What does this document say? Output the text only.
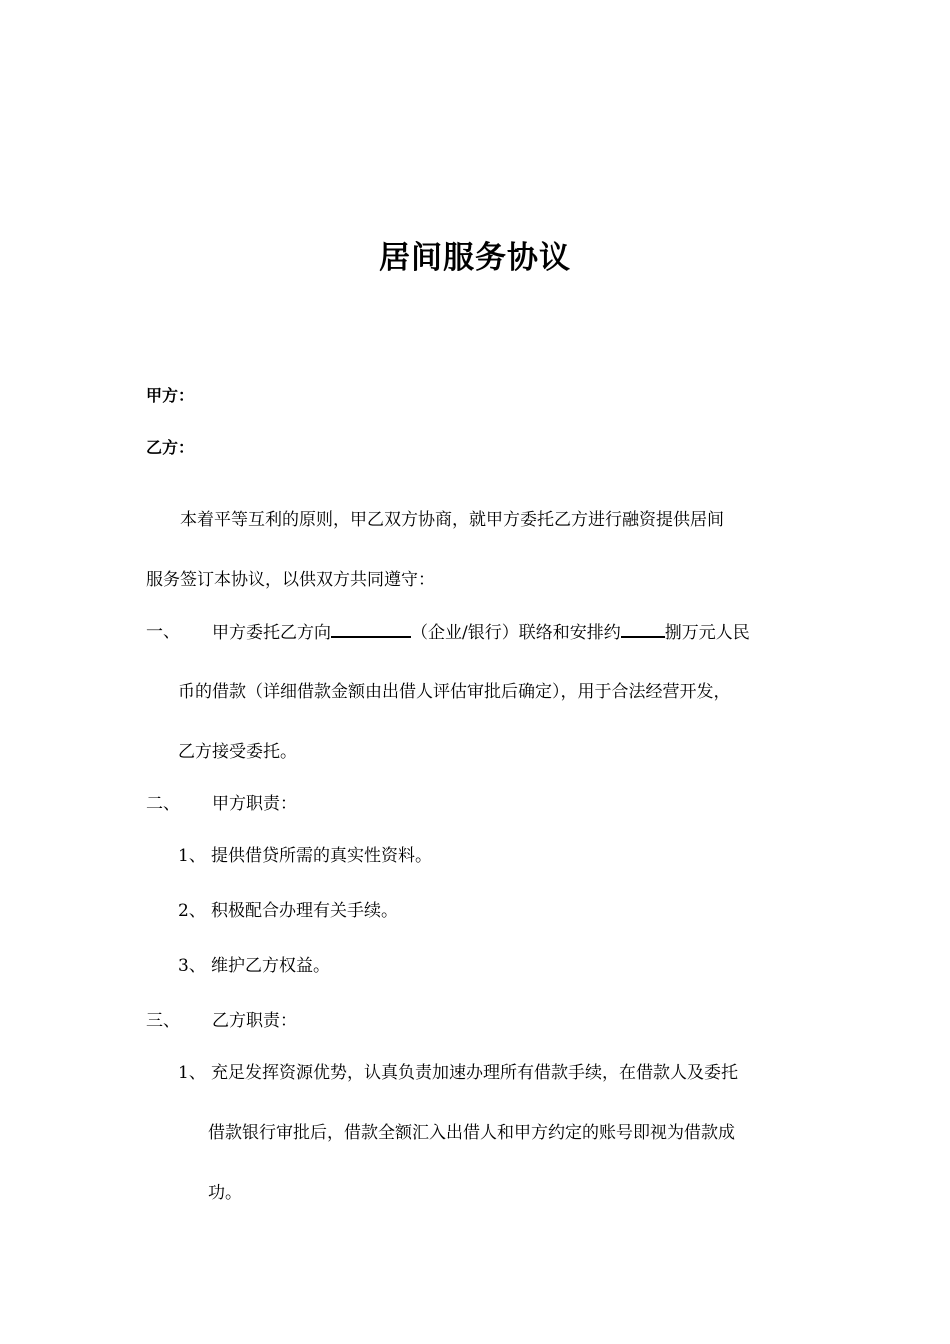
居间服务协议
甲方：
乙方：
本着平等互利的原则，甲乙双方协商，就甲方委托乙方进行融资提供居间
服务签订本协议，以供双方共同遵守：
一、 甲方委托乙方向	（企业/银行）联络和安排约	捌万元人民
币的借款（详细借款金额由出借人评估审批后确定），用于合法经营开发，
乙方接受委托。
二、 甲方职责：
1、 提供借贷所需的真实性资料。
2、 积极配合办理有关手续。
3、 维护乙方权益。
三、 乙方职责：
1、 充足发挥资源优势，认真负责加速办理所有借款手续，在借款人及委托
借款银行审批后，借款全额汇入出借人和甲方约定的账号即视为借款成
功。
